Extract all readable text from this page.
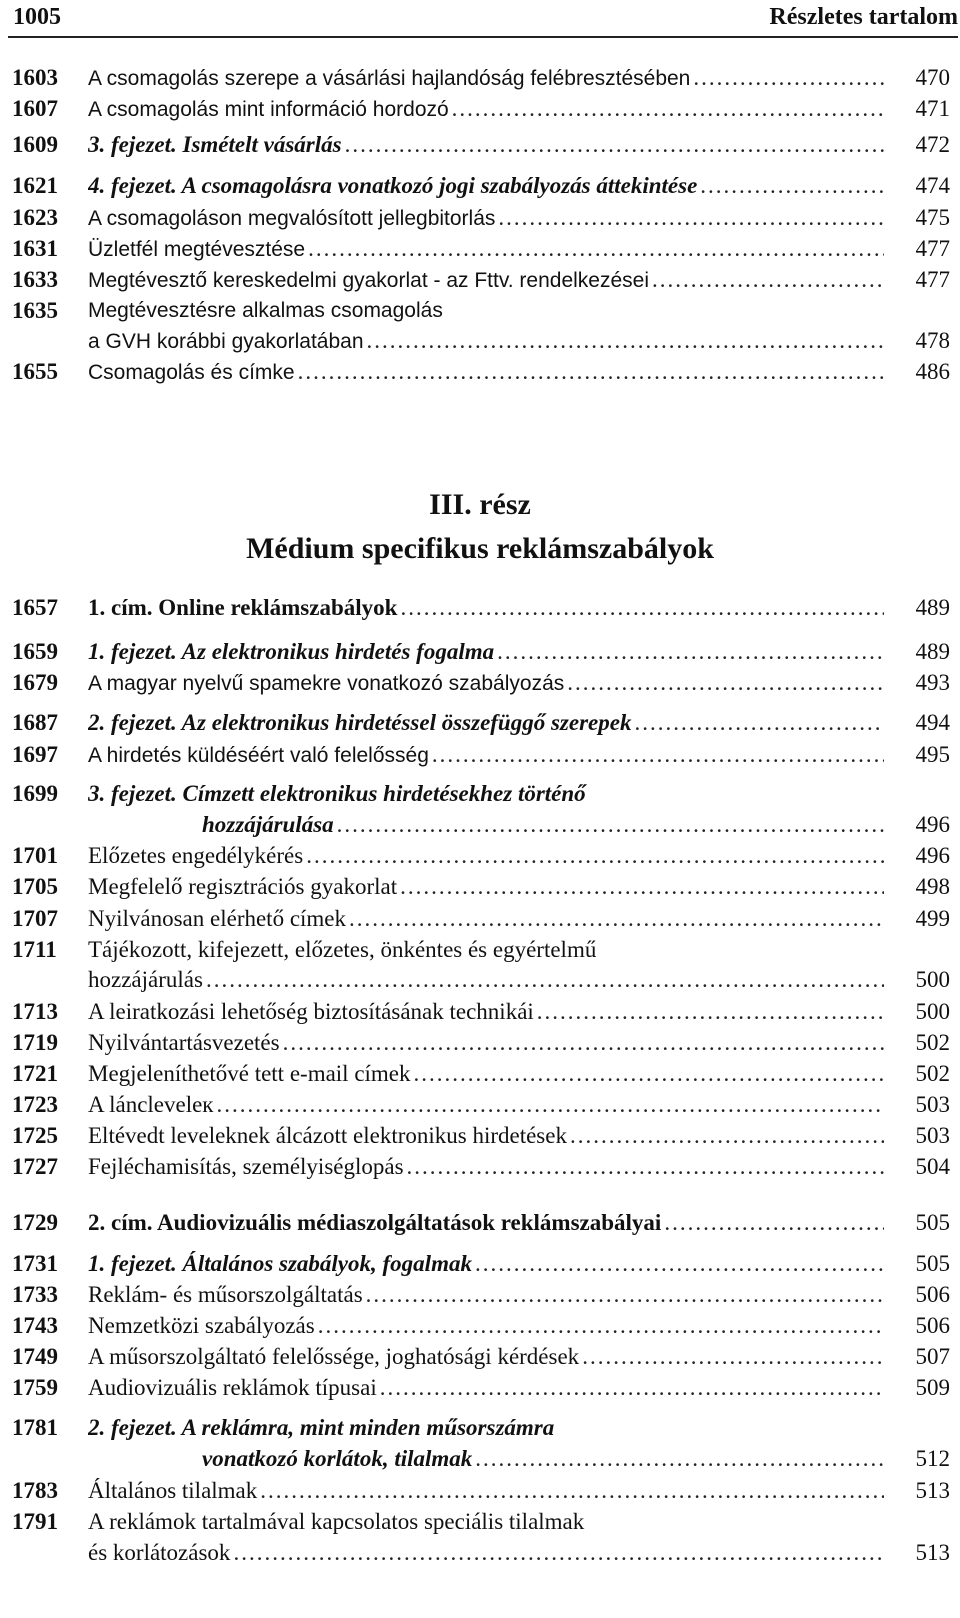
1005	Részletes tartalom
III. rész
Médium specifikus reklámszabályok
1603	A csomagolás szerepe a vásárlási hajlandóság felébresztésében .....	470
1607	A csomagolás mint információ hordozó .....	471
1609	3. fejezet. Ismételt vásárlás .....	472
1621	4. fejezet. A csomagolásra vonatkozó jogi szabályozás áttekintése .....	474
1623	A csomagoláson megvalósított jellegbitorlás .....	475
1631	Üzletfél megtévesztése .....	477
1633	Megtévesztő kereskedelmi gyakorlat - az Fttv. rendelkezései .....	477
1635	Megtévesztésre alkalmas csomagolás
a GVH korábbi gyakorlatában .....	478
1655	Csomagolás és címke .....	486
1657	1. cím. Online reklámszabályok .....	489
1659	1. fejezet. Az elektronikus hirdetés fogalma .....	489
1679	A magyar nyelvű spamekre vonatkozó szabályozás .....	493
1687	2. fejezet. Az elektronikus hirdetéssel összefüggő szerepek .....	494
1697	A hirdetés küldéséért való felelősség .....	495
1699	3. fejezet. Címzett elektronikus hirdetésekhez történő
hozzájárulása .....	496
1701	Előzetes engedélykérés .....	496
1705	Megfelelő regisztrációs gyakorlat .....	498
1707	Nyilvánosan elérhető címek .....	499
1711	Tájékozott, kifejezett, előzetes, önkéntes és egyértelmű
hozzájárulás .....	500
1713	A leiratkozási lehetőség biztosításának technikái .....	500
1719	Nyilvántartásvezetés .....	502
1721	Megjeleníthetővé tett e-mail címek .....	502
1723	A láncleveleк .....	503
1725	Eltévedt leveleknek álcázott elektronikus hirdetések .....	503
1727	Fejléchamisítás, személyiséglopás .....	504
1729	2. cím. Audiovizuális médiaszolgáltatások reklámszabályai .....	505
1731	1. fejezet. Általános szabályok, fogalmak .....	505
1733	Reklám- és műsorszolgáltatás .....	506
1743	Nemzetközi szabályozás .....	506
1749	A műsorszolgáltató felelőssége, joghatósági kérdések .....	507
1759	Audiovizuális reklámok típusai .....	509
1781	2. fejezet. A reklámra, mint minden műsorszámra
vonatkozó korlátok, tilalmak .....	512
1783	Általános tilalmak .....	513
1791	A reklámok tartalmával kapcsolatos speciális tilalmak
és korlátozások .....	513
